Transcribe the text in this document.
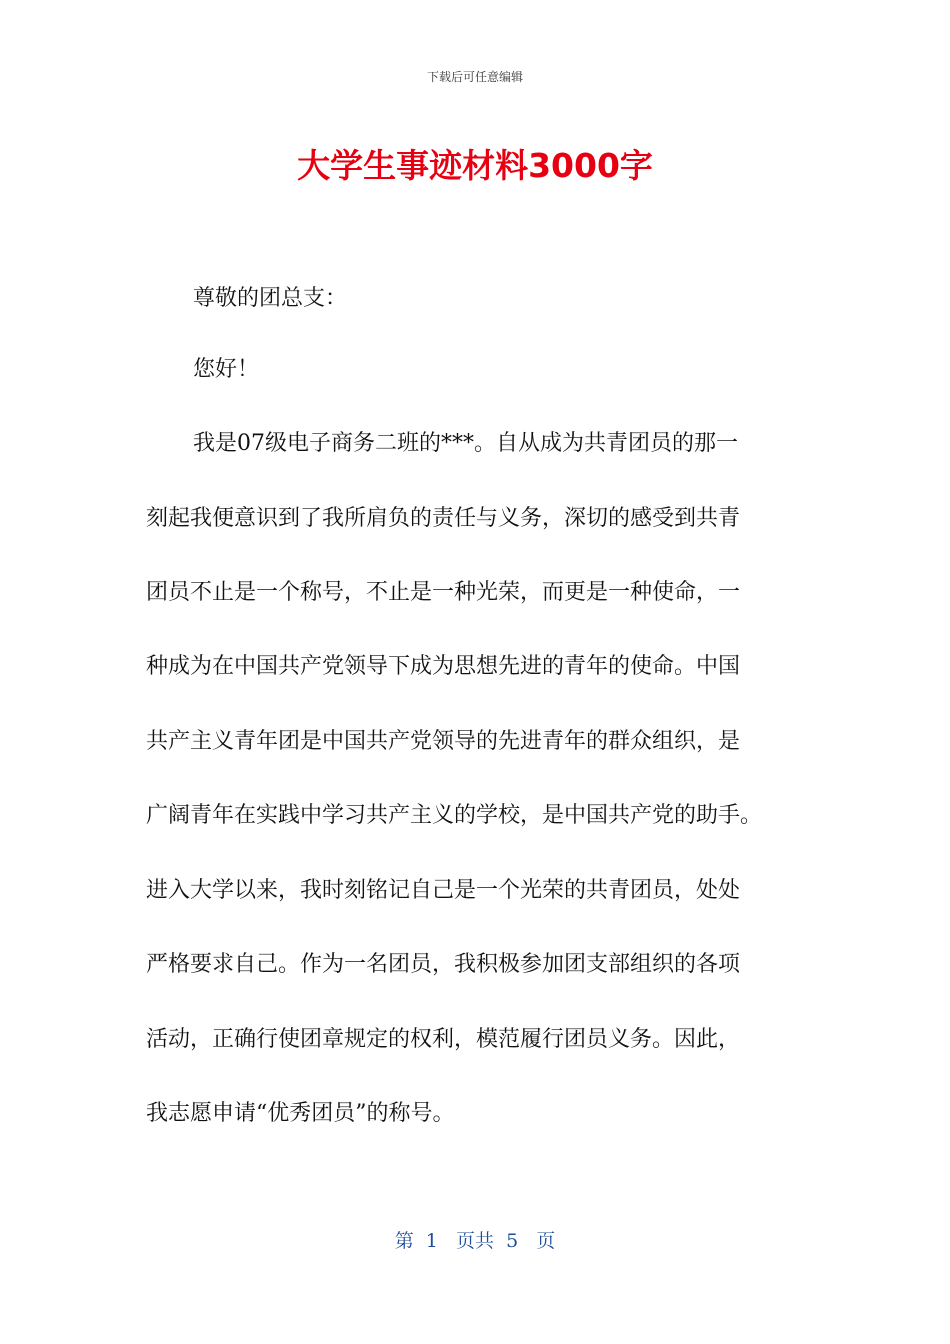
下载后可任意编辑
大学生事迹材料3000字
尊敬的团总支：
您好！
我是07级电子商务二班的***。自从成为共青团员的那一
刻起我便意识到了我所肩负的责任与义务，深切的感受到共青
团员不止是一个称号，不止是一种光荣，而更是一种使命，一
种成为在中国共产党领导下成为思想先进的青年的使命。中国
共产主义青年团是中国共产党领导的先进青年的群众组织，是
广阔青年在实践中学习共产主义的学校，是中国共产党的助手。
进入大学以来，我时刻铭记自己是一个光荣的共青团员，处处
严格要求自己。作为一名团员，我积极参加团支部组织的各项
活动，正确行使团章规定的权利，模范履行团员义务。因此，
我志愿申请“优秀团员”的称号。
第  1   页共  5   页
